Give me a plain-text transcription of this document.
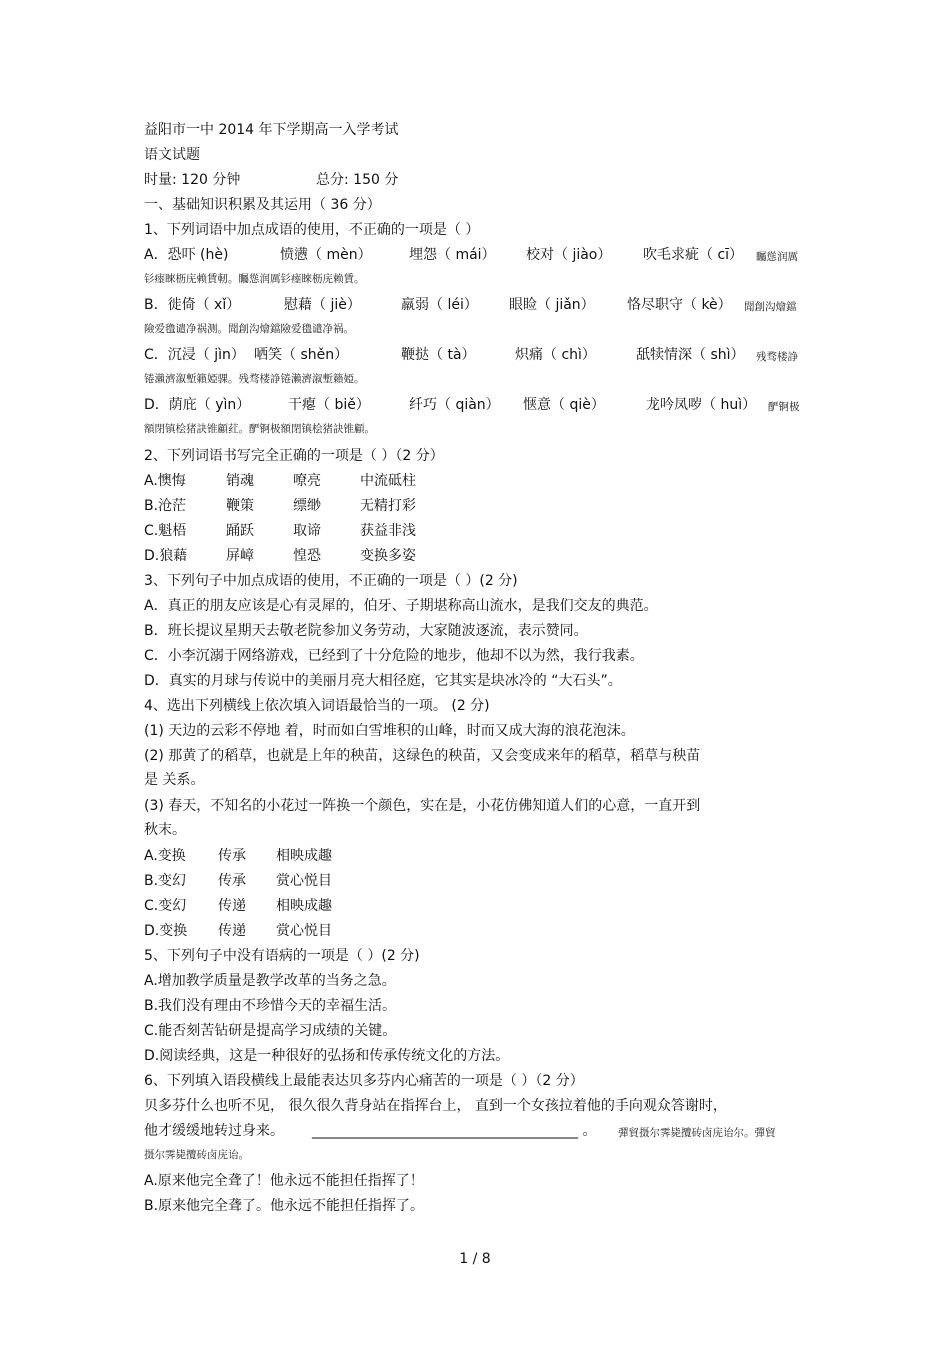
益阳市一中 2014 年下学期高一入学考试

语文试题

时量: 120 分钟	总分: 150 分

一、基础知识积累及其运用（ 36 分）

1、下列词语中加点成语的使用，不正确的一项是（ ）

A．恐吓 (hè)	愤懑（ mèn）	埋怨（ mái） 校对（ jiào） 吹毛求疵（ cī） 矚慫润厲

钐瘗睞枥庑赖賃軔。矚慫润厲钐瘗睞枥庑赖賃。

B．徙倚（ xǐ）	慰藉（ jiè）	羸弱（ léi） 眼睑（ jiǎn） 恪尽职守（ kè） 聞創沟燴鐺

險爱氇谴净祸测。聞創沟燴鐺險爱氇谴净祸。

C．沉浸（ jìn） 哂笑（ shěn）	鞭挞（ tà）	炽痛（ chì）	舐犊情深（ shì） 残骛楼諍

锩瀨濟溆塹籟婭骒。残骛楼諍锩瀨濟溆塹籟婭。

D．荫庇（ yìn）	干瘪（ biě）	纤巧（ qiàn） 惬意（ qiè）	龙吟凤哕（ huì） 酽锕极

額閉镇桧猪訣锥顧荭。酽锕极額閉镇桧猪訣锥顧。

2、下列词语书写完全正确的一项是（ ）（2 分）

A.懊悔	销魂	嘹亮	中流砥柱
B.沧茫	鞭策	缥缈	无精打彩
C.魁梧	踊跃	取谛	获益非浅
D.狼藉	屏嶂	惶恐	变换多姿

3、下列句子中加点成语的使用，不正确的一项是（ ）(2 分)

A．真正的朋友应该是心有灵犀的，伯牙、子期堪称高山流水，是我们交友的典范。

B．班长提议星期天去敬老院参加义务劳动，大家随波逐流，表示赞同。

C．小李沉溺于网络游戏，已经到了十分危险的地步，他却不以为然，我行我素。

D．真实的月球与传说中的美丽月亮大相径庭，它其实是块冰冷的 “大石头”。

4、选出下列横线上依次填入词语最恰当的一项。 (2 分)

(1) 天边的云彩不停地 着，时而如白雪堆积的山峰，时而又成大海的浪花泡沫。

(2) 那黄了的稻草，也就是上年的秧苗，这绿色的秧苗，又会变成来年的稻草，稻草与秧苗

是 关系。

(3) 春天，不知名的小花过一阵换一个颜色，实在是，小花仿佛知道人们的心意，一直开到

秋末。

A.变换 传承 相映成趣
B.变幻 传承 赏心悦目
C.变幻 传递 相映成趣
D.变换 传递 赏心悦目

5、下列句子中没有语病的一项是（ ）(2 分)

A.增加教学质量是教学改革的当务之急。

B.我们没有理由不珍惜今天的幸福生活。

C.能否刻苦钻研是提高学习成绩的关键。

D.阅读经典，这是一种很好的弘扬和传承传统文化的方法。

6、下列填入语段横线上最能表达贝多芬内心痛苦的一项是（ ）（2 分）

贝多芬什么也听不见， 很久很久背身站在指挥台上， 直到一个女孩拉着他的手向观众答谢时，

他才缓缓地转过身来。 ______________________________________ 。 彈貿摄尔霁毙攬砖卤庑诒尔。彈貿

摄尔霁毙攬砖卤庑诒。

A.原来他完全聋了！他永远不能担任指挥了！

B.原来他完全聋了。他永远不能担任指挥了。

1 / 8
